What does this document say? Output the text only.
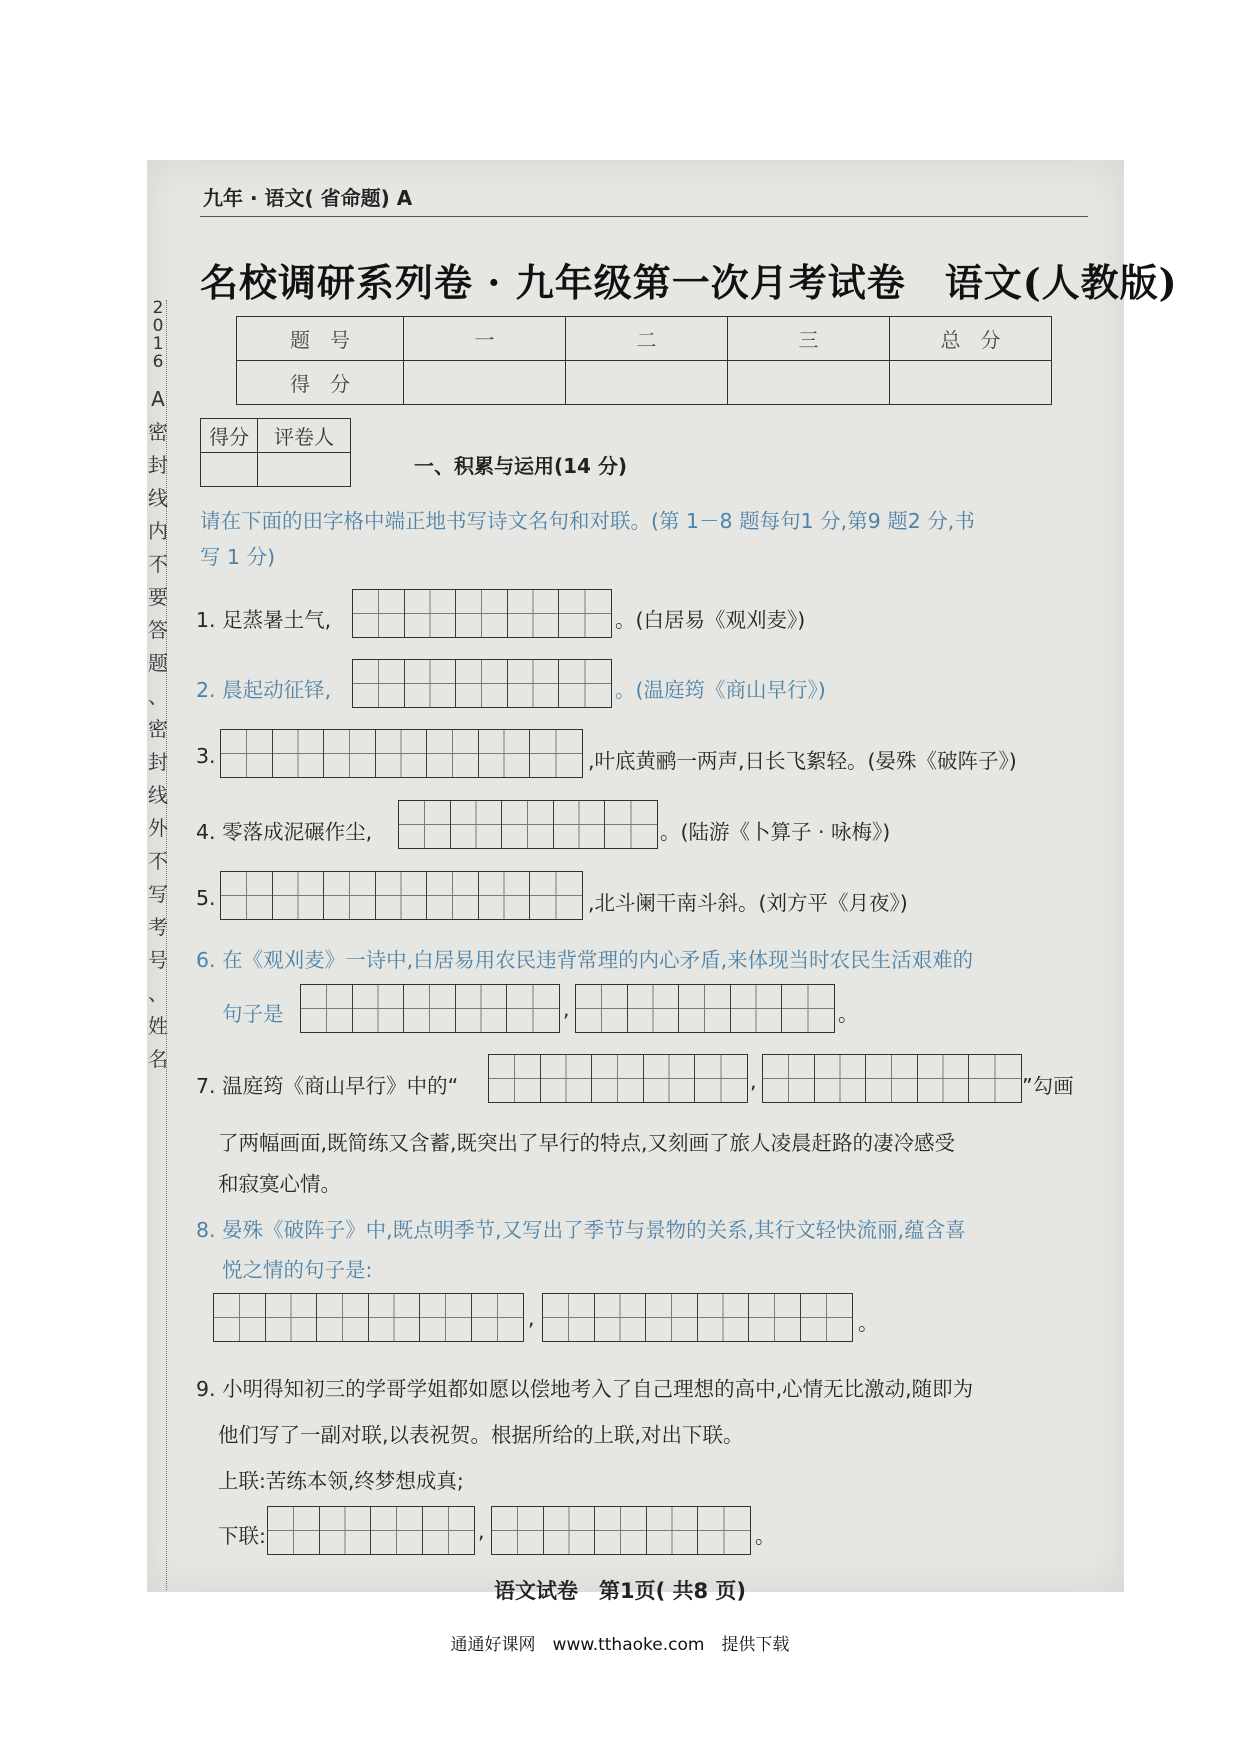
2
0
1
6
A
密
封
线
内
不
要
答
题
、
密
封
线
外
不
写
考
号
、
姓
名
九年 · 语文( 省命题) A
名校调研系列卷 · 九年级第一次月考试卷　语文(人教版)
题　号	一	二	三	总　分
得　分				
得分	评卷人

一、积累与运用(14 分)
请在下面的田字格中端正地书写诗文名句和对联。(第 1－8 题每句1 分,第9 题2 分,书
写 1 分)
1. 足蒸暑土气,	。(白居易《观刈麦》)
2. 晨起动征铎,	。(温庭筠《商山早行》)
3.	,叶底黄鹂一两声,日长飞絮轻。(晏殊《破阵子》)
4. 零落成泥碾作尘,	。(陆游《卜算子 · 咏梅》)
5.	,北斗阑干南斗斜。(刘方平《月夜》)
6. 在《观刈麦》一诗中,白居易用农民违背常理的内心矛盾,来体现当时农民生活艰难的
句子是	,	。
7. 温庭筠《商山早行》中的“	,	”勾画
了两幅画面,既简练又含蓄,既突出了早行的特点,又刻画了旅人凌晨赶路的凄冷感受
和寂寞心情。
8. 晏殊《破阵子》中,既点明季节,又写出了季节与景物的关系,其行文轻快流丽,蕴含喜
悦之情的句子是:
,	。
9. 小明得知初三的学哥学姐都如愿以偿地考入了自己理想的高中,心情无比激动,随即为
他们写了一副对联,以表祝贺。根据所给的上联,对出下联。
上联:苦练本领,终梦想成真;
下联:	,	。
语文试卷　第1页( 共8 页)
通通好课网　www.tthaoke.com　提供下载
